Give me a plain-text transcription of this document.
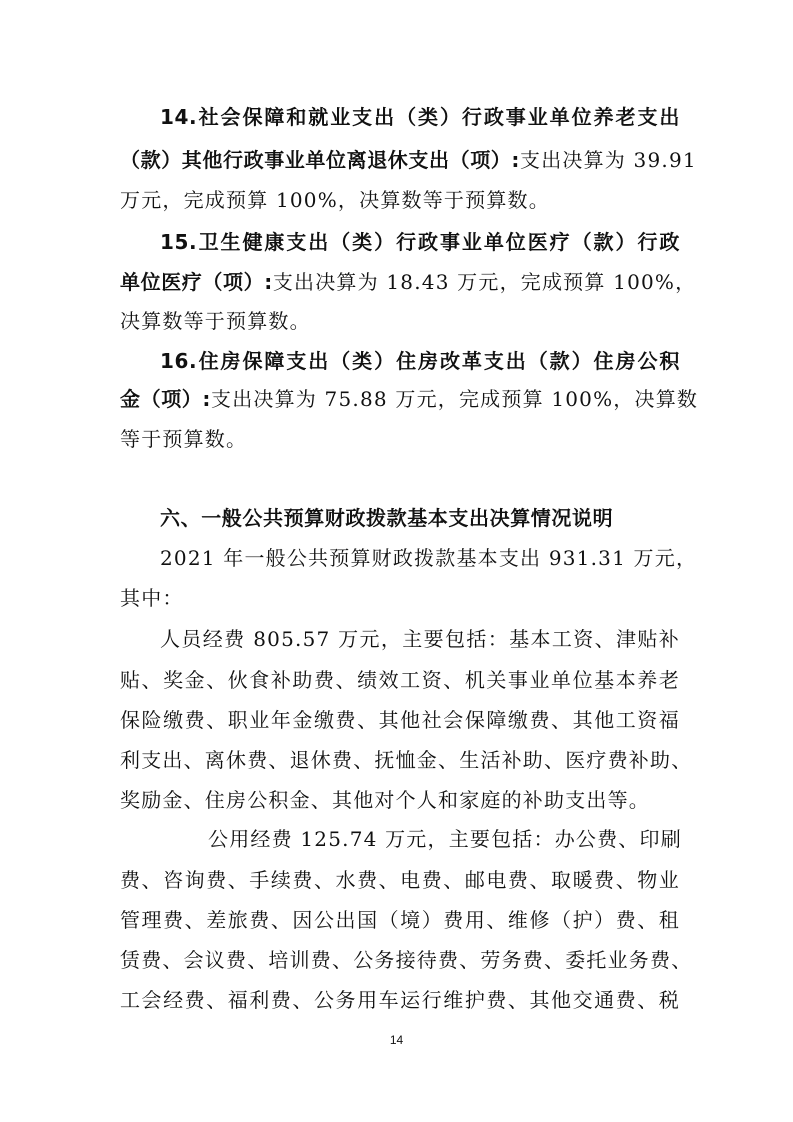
14.社会保障和就业支出（类）行政事业单位养老支出
（款）其他行政事业单位离退休支出（项）:支出决算为 39.91
万元，完成预算 100%，决算数等于预算数。
15.卫生健康支出（类）行政事业单位医疗（款）行政
单位医疗（项）:支出决算为 18.43 万元，完成预算 100%，
决算数等于预算数。
16.住房保障支出（类）住房改革支出（款）住房公积
金（项）:支出决算为 75.88 万元，完成预算 100%，决算数
等于预算数。
六、一般公共预算财政拨款基本支出决算情况说明
2021 年一般公共预算财政拨款基本支出 931.31 万元，
其中：
人员经费 805.57 万元，主要包括：基本工资、津贴补
贴、奖金、伙食补助费、绩效工资、机关事业单位基本养老
保险缴费、职业年金缴费、其他社会保障缴费、其他工资福
利支出、离休费、退休费、抚恤金、生活补助、医疗费补助、
奖励金、住房公积金、其他对个人和家庭的补助支出等。
公用经费 125.74 万元，主要包括：办公费、印刷
费、咨询费、手续费、水费、电费、邮电费、取暖费、物业
管理费、差旅费、因公出国（境）费用、维修（护）费、租
赁费、会议费、培训费、公务接待费、劳务费、委托业务费、
工会经费、福利费、公务用车运行维护费、其他交通费、税
14
